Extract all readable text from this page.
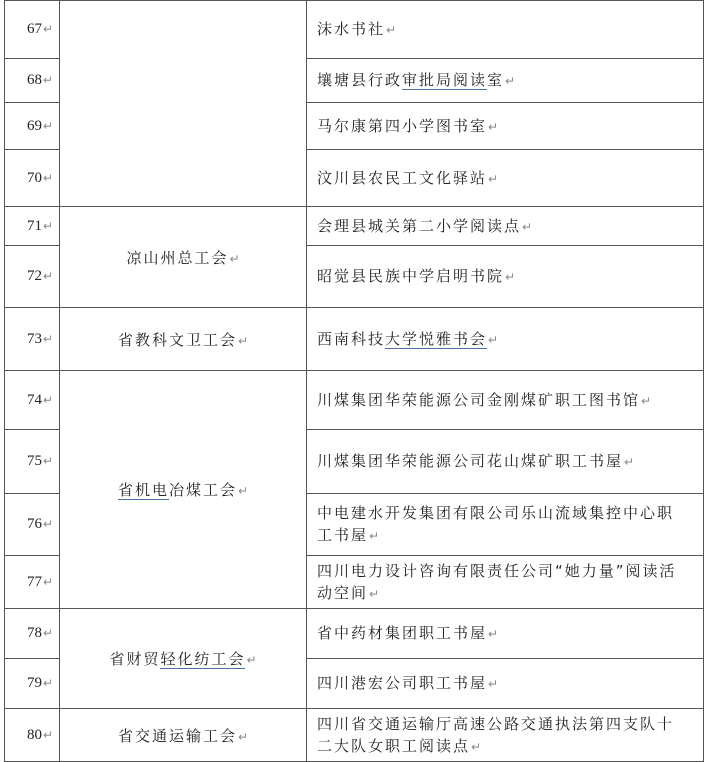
67↵		沫水书社↵
68↵		壤塘县行政审批局阅读室↵
69↵		马尔康第四小学图书室↵
70↵		汶川县农民工文化驿站↵
71↵	凉山州总工会↵	会理县城关第二小学阅读点↵
72↵		昭觉县民族中学启明书院↵
73↵	省教科文卫工会↵	西南科技大学悦雅书会↵
74↵	省机电冶煤工会↵	川煤集团华荣能源公司金刚煤矿职工图书馆↵
75↵		川煤集团华荣能源公司花山煤矿职工书屋↵
76↵		中电建水开发集团有限公司乐山流域集控中心职工书屋↵
77↵		四川电力设计咨询有限责任公司“她力量”阅读活动空间↵
78↵	省财贸轻化纺工会↵	省中药材集团职工书屋↵
79↵		四川港宏公司职工书屋↵
80↵	省交通运输工会↵	四川省交通运输厅高速公路交通执法第四支队十二大队女职工阅读点↵
